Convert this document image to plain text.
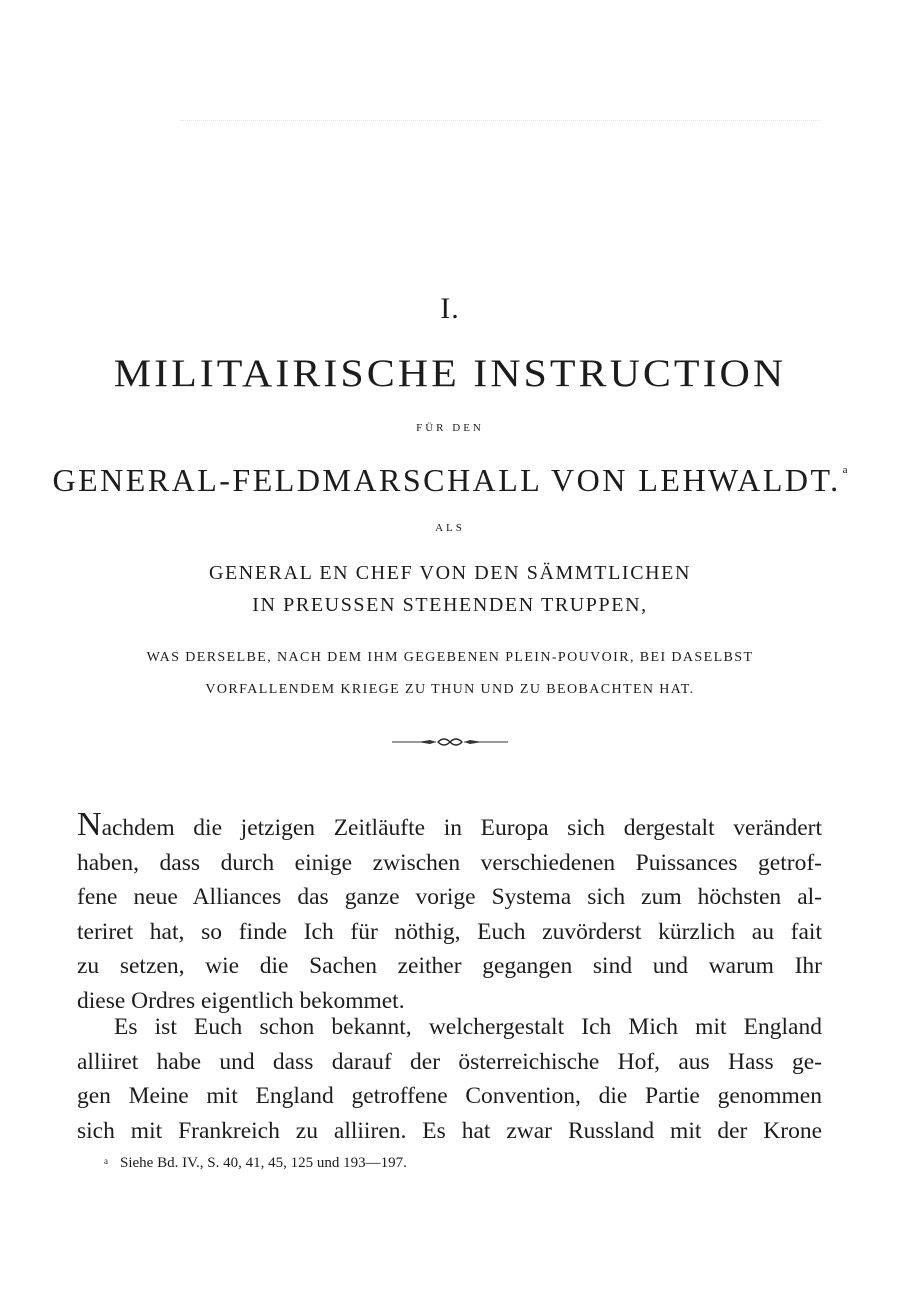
I.
MILITAIRISCHE INSTRUCTION
FÜR DEN
GENERAL-FELDMARSCHALL VON LEHWALDT. $^a$
ALS
GENERAL EN CHEF VON DEN SÄMMTLICHEN
IN PREUSSEN STEHENDEN TRUPPEN,
WAS DERSELBE, NACH DEM IHM GEGEBENEN PLEIN-POUVOIR, BEI DASELBST
VORFALLENDEM KRIEGE ZU THUN UND ZU BEOBACHTEN HAT.
Nachdem die jetzigen Zeitläufte in Europa sich dergestalt verändert
haben, dass durch einige zwischen verschiedenen Puissances getrof-
fene neue Alliances das ganze vorige Systema sich zum höchsten al-
teriret hat, so finde Ich für nöthig, Euch zuvörderst kürzlich au fait
zu setzen, wie die Sachen zeither gegangen sind und warum Ihr
diese Ordres eigentlich bekommet.
Es ist Euch schon bekannt, welchergestalt Ich Mich mit England
alliiret habe und dass darauf der österreichische Hof, aus Hass ge-
gen Meine mit England getroffene Convention, die Partie genommen
sich mit Frankreich zu alliiren. Es hat zwar Russland mit der Krone
$^a$ Siehe Bd. IV., S. 40, 41, 45, 125 und 193—197.
